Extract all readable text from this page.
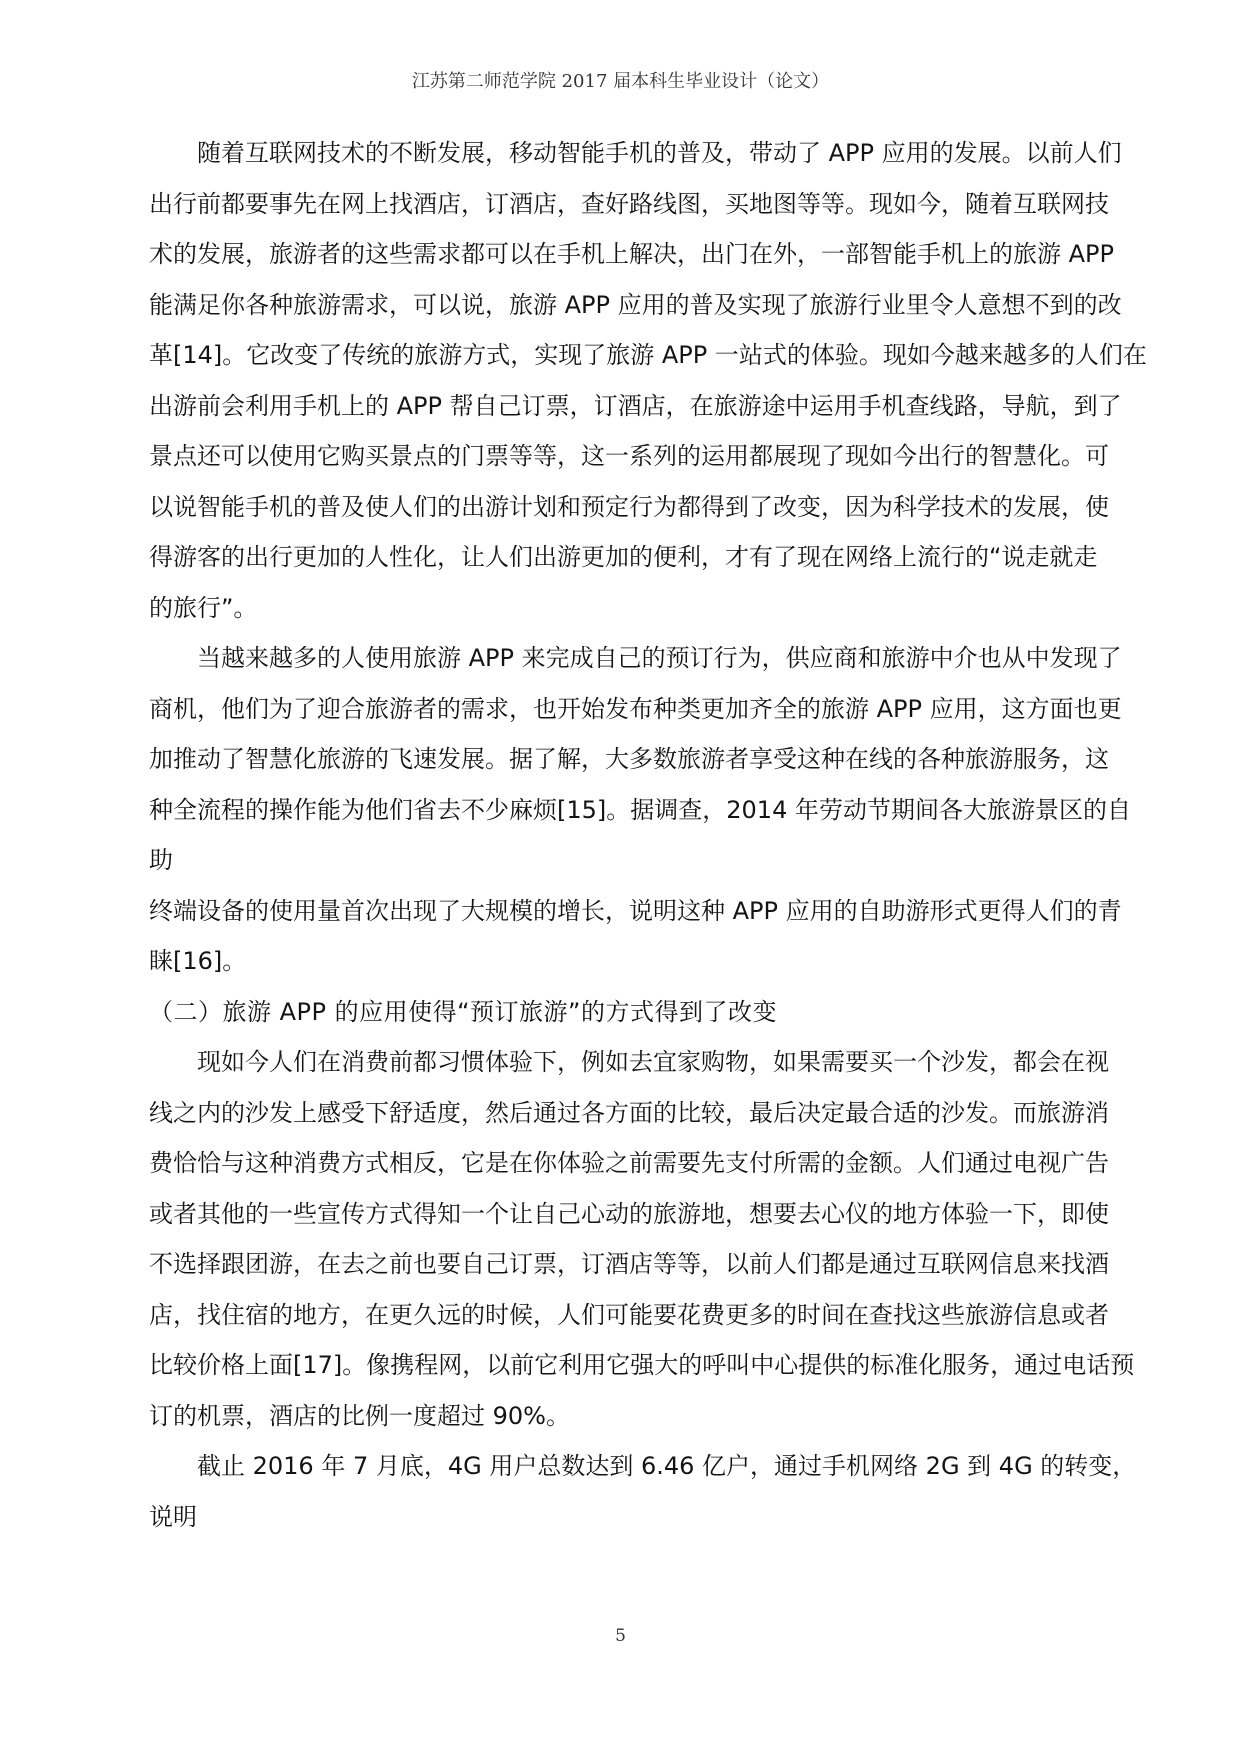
江苏第二师范学院 2017 届本科生毕业设计（论文）

随着互联网技术的不断发展，移动智能手机的普及，带动了 APP 应用的发展。以前人们
出行前都要事先在网上找酒店，订酒店，查好路线图，买地图等等。现如今，随着互联网技
术的发展，旅游者的这些需求都可以在手机上解决，出门在外，一部智能手机上的旅游 APP
能满足你各种旅游需求，可以说，旅游 APP 应用的普及实现了旅游行业里令人意想不到的改
革[14]。它改变了传统的旅游方式，实现了旅游 APP 一站式的体验。现如今越来越多的人们在
出游前会利用手机上的 APP 帮自己订票，订酒店，在旅游途中运用手机查线路，导航，到了
景点还可以使用它购买景点的门票等等，这一系列的运用都展现了现如今出行的智慧化。可
以说智能手机的普及使人们的出游计划和预定行为都得到了改变，因为科学技术的发展，使
得游客的出行更加的人性化，让人们出游更加的便利，才有了现在网络上流行的“说走就走
的旅行”。

当越来越多的人使用旅游 APP 来完成自己的预订行为，供应商和旅游中介也从中发现了
商机，他们为了迎合旅游者的需求，也开始发布种类更加齐全的旅游 APP 应用，这方面也更
加推动了智慧化旅游的飞速发展。据了解，大多数旅游者享受这种在线的各种旅游服务，这
种全流程的操作能为他们省去不少麻烦[15]。据调查，2014 年劳动节期间各大旅游景区的自助
终端设备的使用量首次出现了大规模的增长，说明这种 APP 应用的自助游形式更得人们的青
睐[16]。

（二）旅游 APP 的应用使得“预订旅游”的方式得到了改变

现如今人们在消费前都习惯体验下，例如去宜家购物，如果需要买一个沙发，都会在视
线之内的沙发上感受下舒适度，然后通过各方面的比较，最后决定最合适的沙发。而旅游消
费恰恰与这种消费方式相反，它是在你体验之前需要先支付所需的金额。人们通过电视广告
或者其他的一些宣传方式得知一个让自己心动的旅游地，想要去心仪的地方体验一下，即使
不选择跟团游，在去之前也要自己订票，订酒店等等，以前人们都是通过互联网信息来找酒
店，找住宿的地方，在更久远的时候，人们可能要花费更多的时间在查找这些旅游信息或者
比较价格上面[17]。像携程网，以前它利用它强大的呼叫中心提供的标准化服务，通过电话预
订的机票，酒店的比例一度超过 90%。

截止 2016 年 7 月底，4G 用户总数达到 6.46 亿户，通过手机网络 2G 到 4G 的转变，说明

5
